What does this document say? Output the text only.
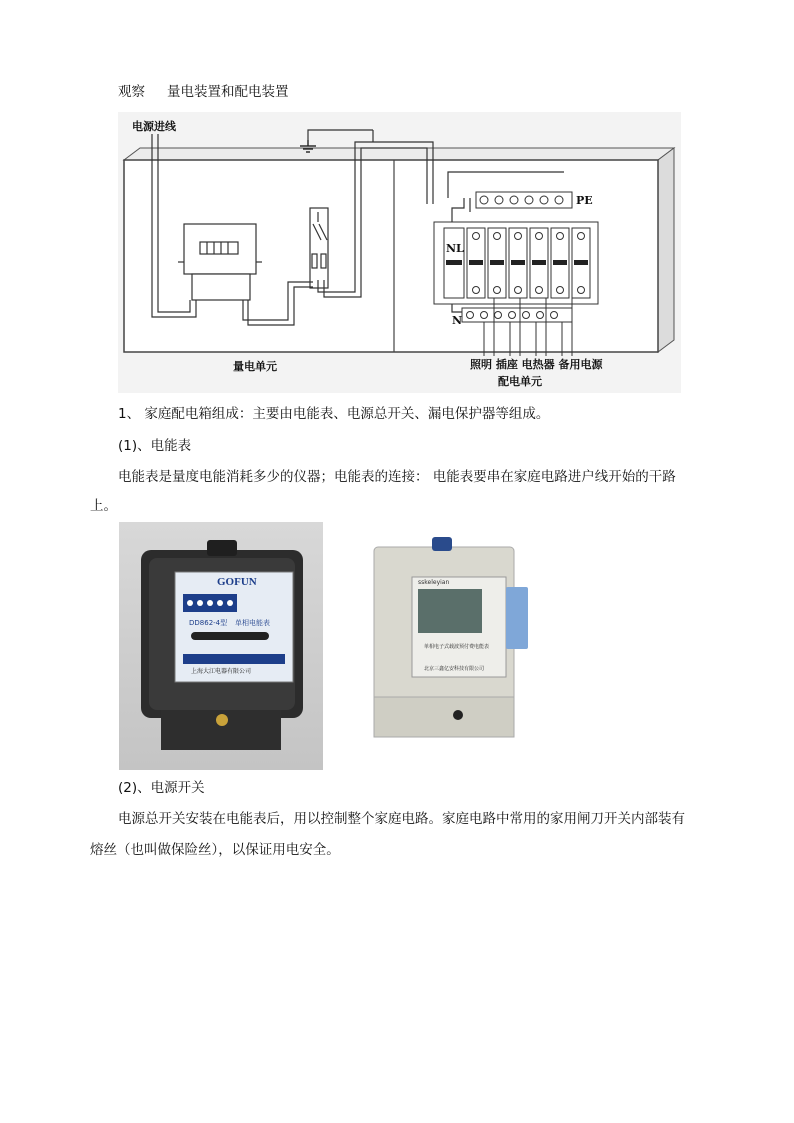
观察 量电装置和配电装置
PE
N L
N
电源进线
量电单元	照明 插座 电热器 备用电源
配电单元
1、 家庭配电箱组成：主要由电能表、电源总开关、漏电保护器等组成。
(1)、电能表
电能表是量度电能消耗多少的仪器；电能表的连接： 电能表要串在家庭电路进户线开始的干路
上。
GOFUN
DD862-4型 单相电能表
上海大江电器有限公司
sskeleyian
单相电子式载波预付费电能表
北京三鑫亿安科技有限公司
(2)、电源开关
电源总开关安装在电能表后，用以控制整个家庭电路。家庭电路中常用的家用闸刀开关内部装有
熔丝（也叫做保险丝），以保证用电安全。
